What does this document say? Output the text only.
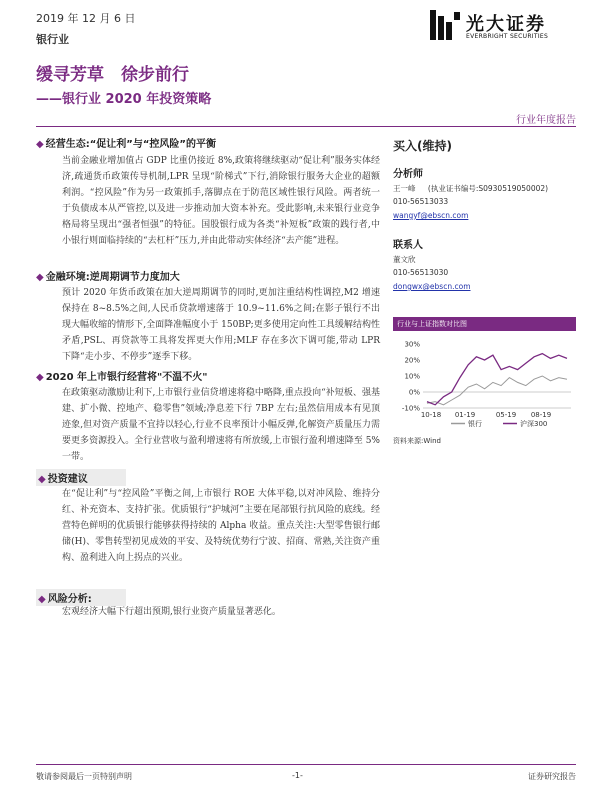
2019 年 12 月 6 日
银行业
光大证券
EVERBRIGHT SECURITIES
缓寻芳草　徐步前行
——银行业 2020 年投资策略
行业年度报告
◆ 经营生态:“促让利”与“控风险”的平衡
当前金融业增加值占 GDP 比重仍接近 8%,政策将继续驱动“促让利”服务实体经济,疏通货币政策传导机制,LPR 呈现“阶梯式”下行,消除银行服务大企业的超额利润。“控风险”作为另一政策抓手,落脚点在于防范区域性银行风险。两者统一于负债成本从严管控,以及进一步推动加大资本补充。受此影响,未来银行业竞争格局将呈现出“强者恒强”的特征。国股银行成为各类“补短板”政策的践行者,中小银行则面临持续的“去杠杆”压力,并由此带动实体经济“去产能”进程。
◆ 金融环境:逆周期调节力度加大
预计 2020 年货币政策在加大逆周期调节的同时,更加注重结构性调控,M2 增速保持在 8~8.5%之间,人民币贷款增速落于 10.9~11.6%之间;在影子银行不出现大幅收缩的情形下,全面降准幅度小于 150BP;更多使用定向性工具缓解结构性矛盾,PSL、再贷款等工具将发挥更大作用;MLF 存在多次下调可能,带动 LPR 下降“走小步、不停步”逐季下移。
◆ 2020 年上市银行经营将"不温不火"
在政策驱动激励让利下,上市银行业信贷增速将稳中略降,重点投向“补短板、强基建、扩小微、控地产、稳零售”领域;净息差下行 7BP 左右;虽然信用成本有见顶迹象,但对资产质量不宜持以轻心,行业不良率预计小幅反弹,化解资产质量压力需要更多资源投入。全行业营收与盈利增速将有所放缓,上市银行盈利增速降至 5%一带。
◆ 投资建议
在“促让利”与“控风险”平衡之间,上市银行 ROE 大体平稳,以对冲风险、维持分红、补充资本、支持扩张。优质银行“护城河”主要在尾部银行抗风险的底线。经营特色鲜明的优质银行能够获得持续的 Alpha 收益。重点关注:大型零售银行邮储(H)、零售转型初见成效的平安、及特统优势行宁波、招商、常熟,关注资产重构、盈利进入向上拐点的兴业。
◆ 风险分析:
宏观经济大幅下行超出预期,银行业资产质量显著恶化。
买入(维持)
分析师
王一峰 (执业证书编号:S0930519050002)
010-56513033
wangyf@ebscn.com
联系人
董文欣
010-56513030
dongwx@ebscn.com
行业与上证指数对比图
30%
20%
10%
0%
-10%
10-18 01-19	05-19 08-19
银行	沪深300
资料来源:Wind
敬请参阅最后一页特别声明	-1-	证券研究报告
